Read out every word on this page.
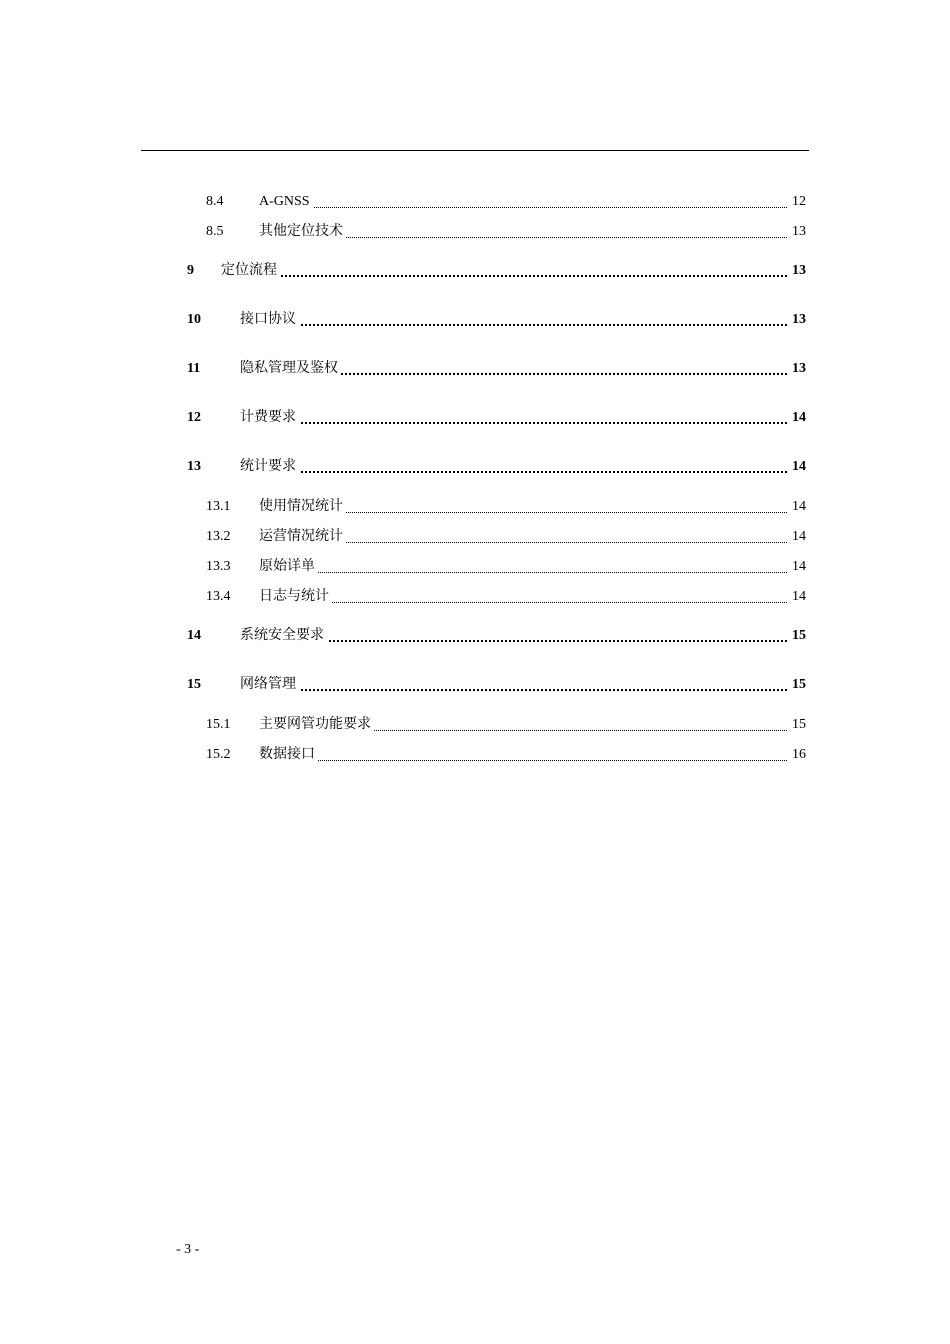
8.4	A-GNSS	12
8.5	其他定位技术	13
9 定位流程	13
10	接口协议	13
11	隐私管理及鉴权	13
12	计费要求	14
13	统计要求	14
13.1 使用情况统计	14
13.2 运营情况统计	14
13.3 原始详单	14
13.4 日志与统计	14
14	系统安全要求	15
15	网络管理	15
15.1 主要网管功能要求	15
15.2 数据接口	16
- 3 -
